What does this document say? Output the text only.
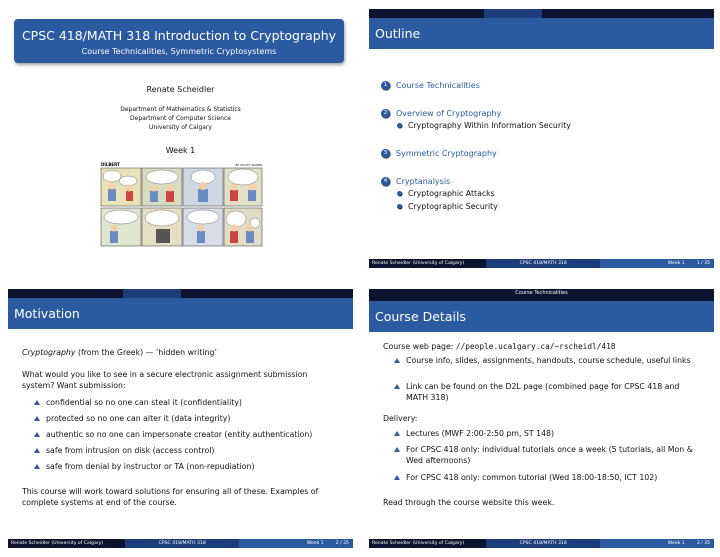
CPSC 418/MATH 318 Introduction to Cryptography
Course Technicalities, Symmetric Cryptosystems
Renate Scheidler
Department of Mathematics & Statistics
Department of Computer Science
University of Calgary
Week 1
DILBERT	BY SCOTT ADAMS
Outline
1	Course Technicalities
2	Overview of Cryptography
Cryptography Within Information Security
3	Symmetric Cryptography
4	Cryptanalysis
Cryptographic Attacks
Cryptographic Security
Renate Scheidler (University of Calgary)	CPSC 418/MATH 318	Week 1	1 / 35
Motivation

Cryptography (from the Greek) — ‘hidden writing’

What would you like to see in a secure electronic assignment submission system? Want submission:

confidential so no one can steal it (confidentiality)
protected so no one can alter it (data integrity)
authentic so no one can impersonate creator (entity authentication)
safe from intrusion on disk (access control)
safe from denial by instructor or TA (non-repudiation)

This course will work toward solutions for ensuring all of these. Examples of complete systems at end of the course.

Renate Scheidler (University of Calgary)	CPSC 418/MATH 318	Week 1	2 / 35
Course Technicalities
Course Details
Course web page: //people.ucalgary.ca/~rscheidl/418
Course info, slides, assignments, handouts, course schedule, useful links
Link can be found on the D2L page (combined page for CPSC 418 and MATH 318)
Delivery:
Lectures (MWF 2:00-2:50 pm, ST 148)
For CPSC 418 only: individual tutorials once a week (5 tutorials, all Mon & Wed afternoons)
For CPSC 418 only: common tutorial (Wed 18:00-18:50, ICT 102)
Read through the course website this week.
Renate Scheidler (University of Calgary)	CPSC 418/MATH 318	Week 1	3 / 35
